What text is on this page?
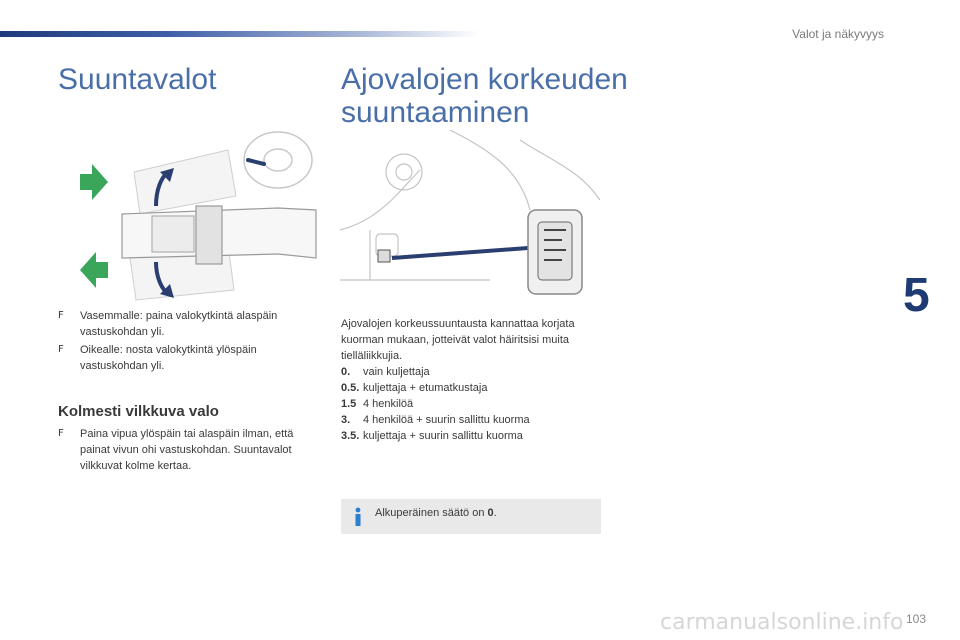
Valot ja näkyvyys
5
Suuntavalot	Ajovalojen korkeuden suuntaaminen
F Vasemmalle: paina valokytkintä alaspäin vastuskohdan yli.
F Oikealle: nosta valokytkintä ylöspäin vastuskohdan yli.
Kolmesti vilkkuva valo
F Paina vipua ylöspäin tai alaspäin ilman, että painat vivun ohi vastuskohdan. Suuntavalot vilkkuvat kolme kertaa.

Ajovalojen korkeussuuntausta kannattaa korjata kuorman mukaan, jotteivät valot häiritsisi muita tielläliikkujia.

0.	vain kuljettaja
0.5. kuljettaja + etumatkustaja
1.5 4 henkilöä
3.	4 henkilöä + suurin sallittu kuorma
3.5. kuljettaja + suurin sallittu kuorma
Alkuperäinen säätö on 0.
carmanualsonline.info 103
